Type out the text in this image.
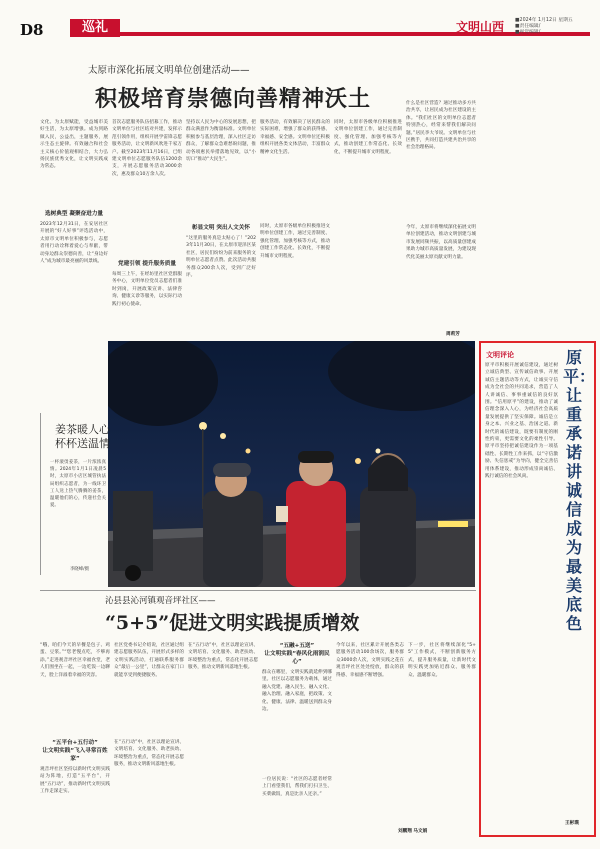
D8	巡礼	文明山西 ■2024年 1月12日 星期五
■责任编辑/
■视觉编辑/
太原市深化拓展文明单位创建活动——
积极培育崇德向善精神沃土
文化、为太原赋能，受益城市美好生活，为太原增强。成为到路做入民，公益出，主题服务，展示生态主旋律。有效融合和社会主义核心价值观相结合，大力弘扬民族优秀文化，让文明实践成为常态。
选树典型 凝聚奋进力量
2023年12月31日，在安居社区开展的“好人好事”评选活动中，太原市文明单位积极参与，志愿者用行动诠释着爱心与奉献，带动身边群众崇德向善，让“身边好人”成为城市最亮丽的风景线。
首次志愿服务队伍招募工作，推动文明单位与社区结对共建，发挥示范引领作用，组织开展学雷锋志愿服务活动，让文明新风吹进千家万户。截至2023年11月16日，已组建文明单位志愿服务队伍1200余支，开展志愿服务活动3000余次，惠及群众10万余人次。
党建引领 提升服务质量
每周三上午，在经坊里社区党群服务中心，文明单位党员志愿者们准时到岗，开展政策宣讲、法律咨询、健康义诊等服务，以实际行动践行初心使命。
坚持以人民为中心的发展思想，把群众满意作为衡量标准。文明单位积极参与基层治理，深入社区走访群众，了解群众急难愁盼问题，推动各项惠民举措落地见效，以“小切口”推动“大民生”。
彰显文明 突出人文关怀
“这里的服务真是太贴心了！”2023年11月30日，在太原市迎泽区某社区，居民们纷纷为前来服务的文明单位志愿者点赞。此次活动共服务群众200余人次，受到广泛好评。
服务活动，有效解决了居民群众的实际困难，增强了群众的获得感、幸福感、安全感。文明单位还积极组织开展各类文体活动，丰富群众精神文化生活。
同时，太原市各级单位积极推进文明单位创建工作，通过完善制度、强化管理、加强考核等方式，推动创建工作常态化、长效化，不断提升城市文明程度。
同时，太原市各级单位积极推进文明单位创建工作，通过完善制度、强化管理、加强考核等方式，推动创建工作常态化、长效化，不断提升城市文明程度。
什么是社区营造？通过推动多方共治共享，让居民成为社区建设的主体。“我们社区的文明单位志愿者特别热心，经常来帮我们解决问题。”居民李大爷说。文明单位与社区携手，共同打造共建共治共享的社会治理格局。
今年，太原市将继续深化拓展文明单位创建活动，推动文明创建与城市发展同频共振，以高质量创建成果助力城市高质量发展，为建设现代化美丽太原贡献文明力量。
周莉芳
姜茶暖人心
杯杯送温情
一杯滚烫姜茶，一片浓浓真情。2024年1月1日凌晨5时，太原市小店区城管执法局组织志愿者，为一线环卫工人送上热气腾腾的姜茶，温暖他们的心，传递社会关爱。
李晓峰/摄
沁县县沁河镇观音坪社区——
“5+5”促进文明实践提质增效
“哦，咱们今天的早餐是包子、鸡蛋、豆浆。”“您老慢点吃，不够再添。”走进观音坪社区幸福食堂，老人们围坐在一起，一边吃饭一边聊天，脸上洋溢着幸福的笑容。
“五平台+五行动”
让文明实践“飞入寻常百姓家”
观音坪社区坚持以新时代文明实践站为阵地，打造“五平台”，开展“五行动”，推动新时代文明实践工作走深走实。
社区党委书记介绍说，社区通过组建志愿服务队伍，开展形式多样的文明实践活动，打通联系服务群众“最后一公里”，让群众在家门口就能享受到便捷服务。
在“五行动”中，社区以理论宣讲、文明培育、文化服务、助老扶幼、环境整治为重点，常态化开展志愿服务，推动文明新风落地生根。
在“五行动”中，社区以理论宣讲、文明培育、文化服务、助老扶幼、环境整治为重点，常态化开展志愿服务，推动文明新风落地生根。
“五融+五送”
让文明实践“春风化雨润民心”
群众在哪里，文明实践就延伸到哪里。社区以志愿服务为载体，通过融入党建、融入民生、融入文化、融入治理、融入家庭，把政策、文化、健康、法律、温暖送到群众身边。
一位居民说：“社区的志愿者经常上门看望我们，帮我们打扫卫生、买菜做饭，真是比亲人还亲。”
今年以来，社区累计开展各类志愿服务活动100余场次，服务群众3000余人次，文明实践之花在观音坪社区处处绽放，群众的获得感、幸福感不断增强。
下一步，社区将继续深化“5+5”工作模式，不断创新服务方式，提升服务质量，让新时代文明实践更加贴近群众、服务群众、温暖群众。
刘鹏翔 马文娟
文明评论	原平：让重承诺讲诚信成为最美底色
原平市积极开展诚信建设，通过树立诚信典型、宣传诚信故事、开展诚信主题活动等方式，让诚实守信成为全社会的共同追求，营造了人人讲诚信、事事重诚信的良好氛围。“信用原平”的建设，推动了诚信理念深入人心，为经济社会高质量发展提供了坚实保障。诚信是立身之本、兴业之基、治国之道。新时代的诚信建设，既要有制度的刚性约束，更需要文化的柔性引导。原平市坚持把诚信建设作为一项基础性、长期性工作来抓，以“守信激励、失信惩戒”为导向，健全完善信用体系建设，推动形成崇尚诚信、践行诚信的社会风尚。
王彬璞
